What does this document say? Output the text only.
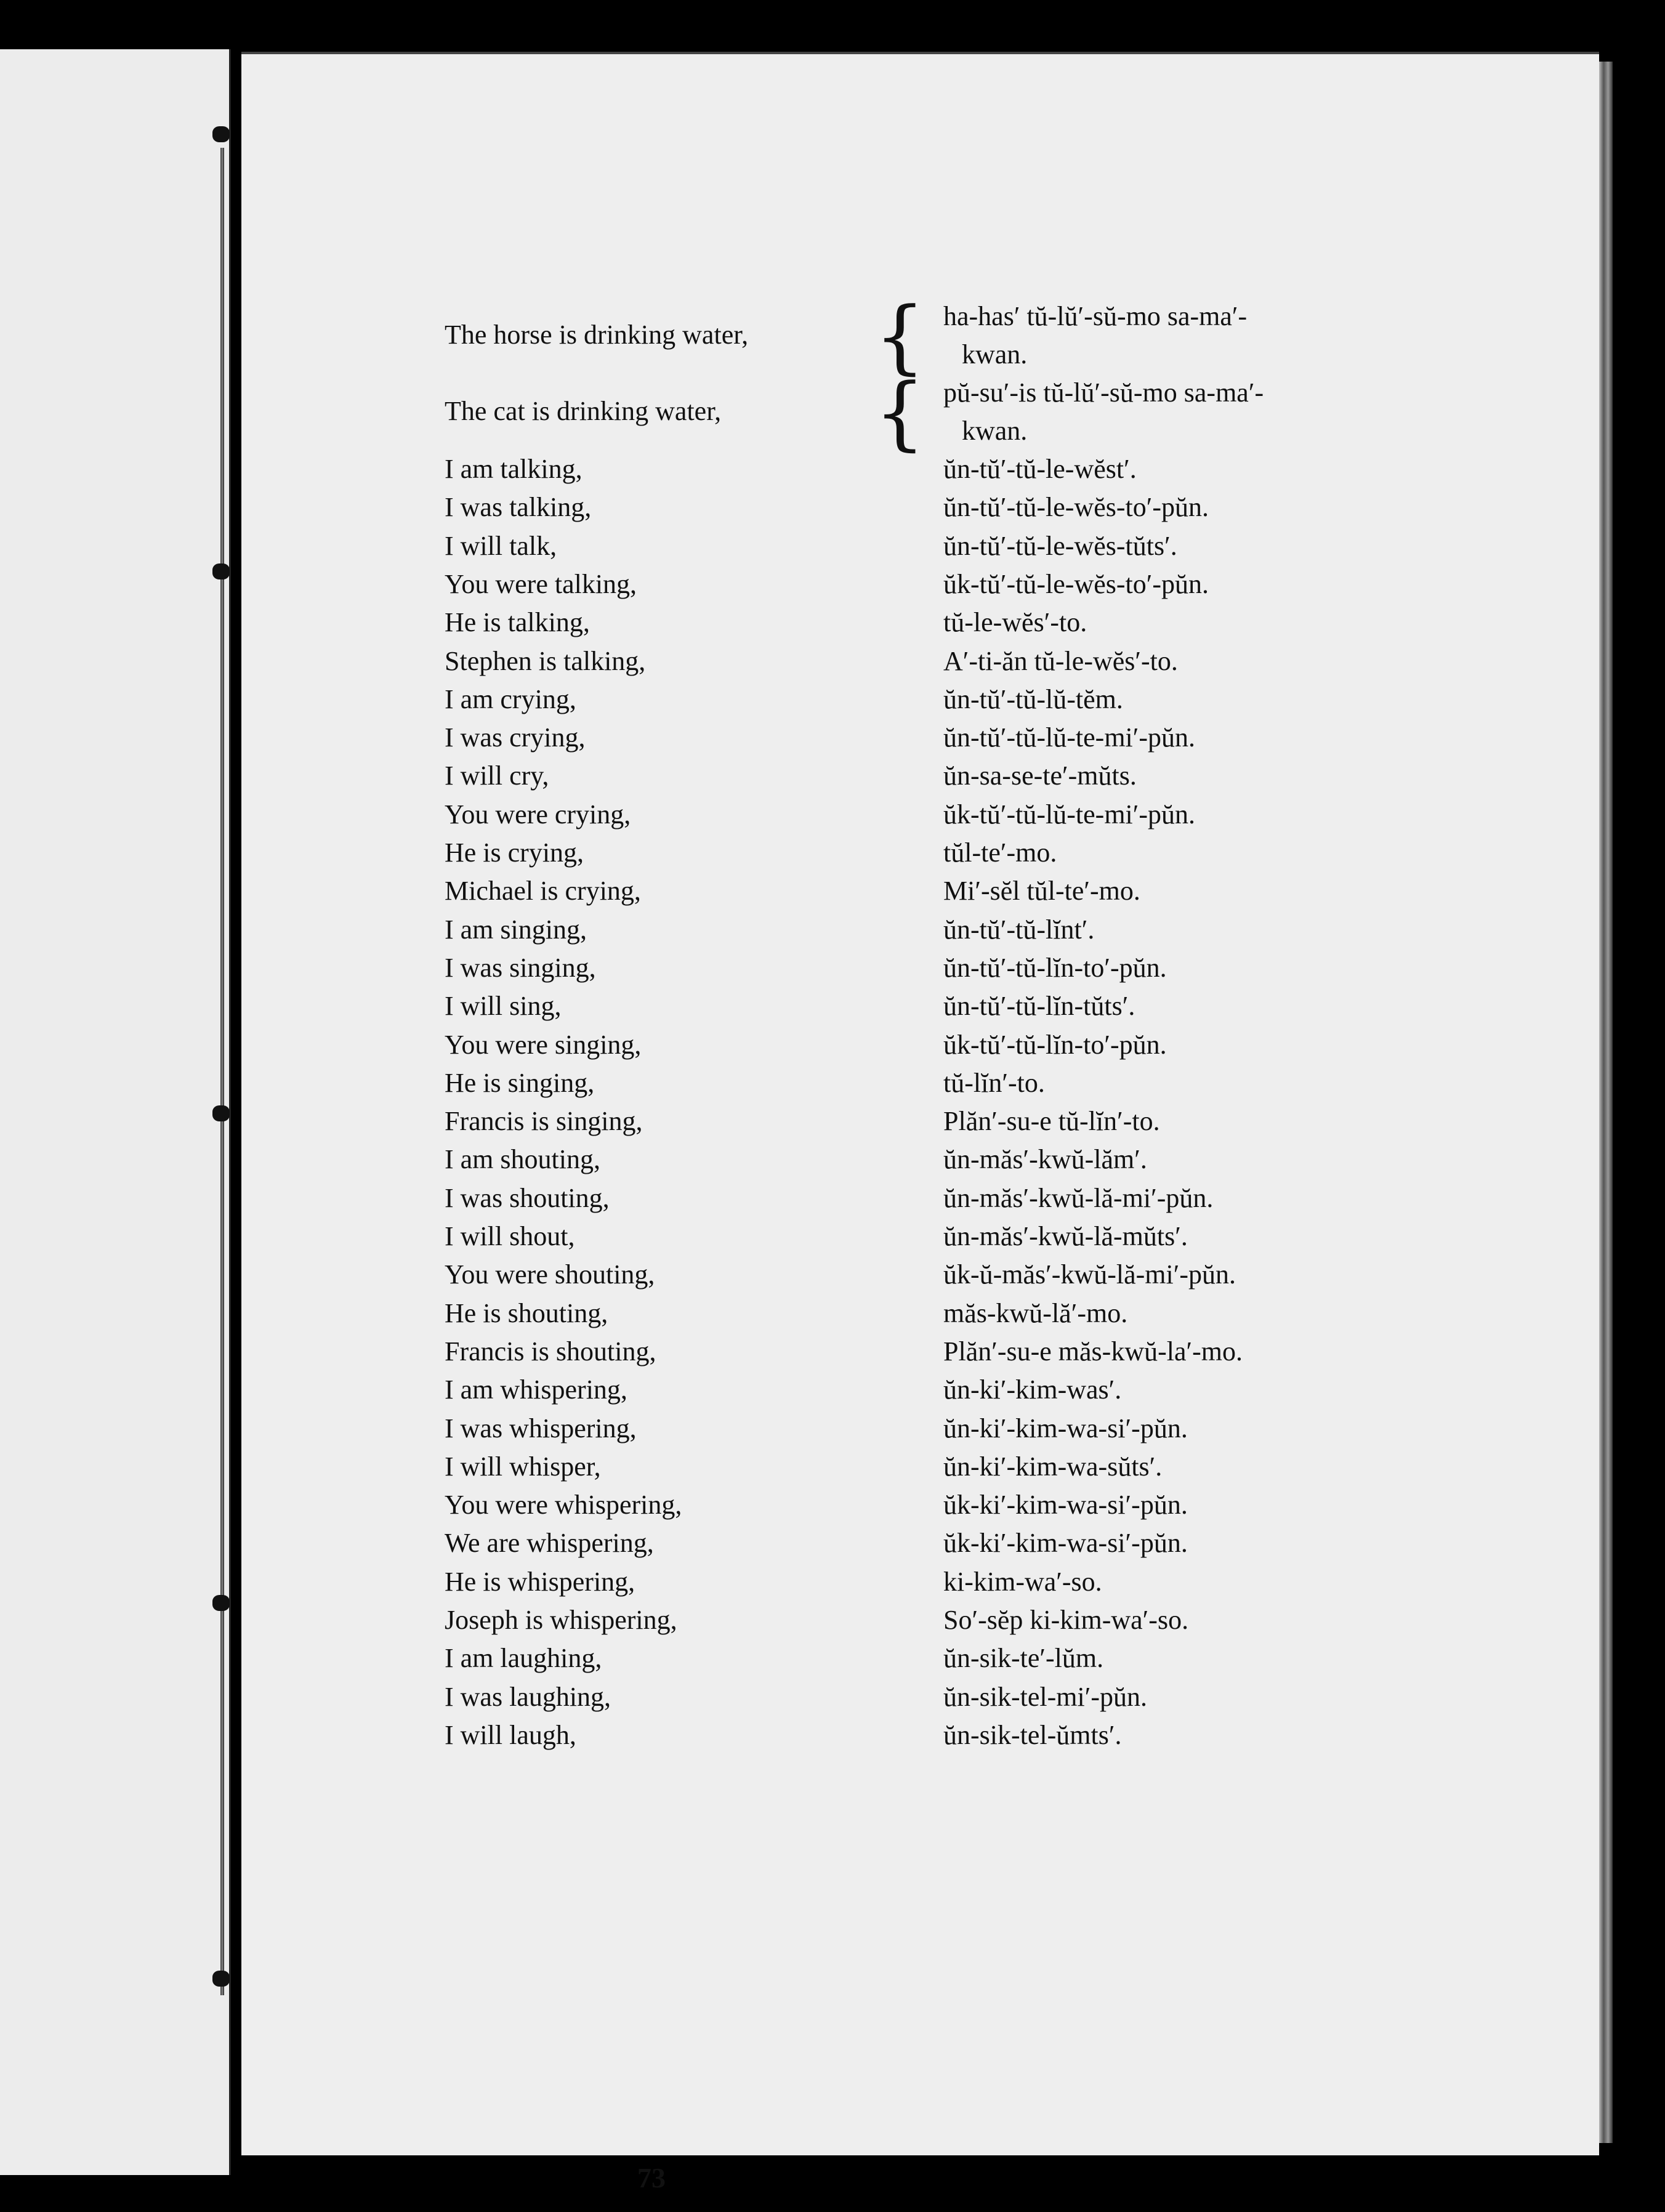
The horse is drinking water, { ha-has′ tŭ-lŭ′-sŭ-mo sa-ma′-
kwan.
The cat is drinking water, { pŭ-su′-is tŭ-lŭ′-sŭ-mo sa-ma′-
kwan.
I am talking,	ŭn-tŭ′-tŭ-le-wĕst′.
I was talking,	ŭn-tŭ′-tŭ-le-wĕs-to′-pŭn.
I will talk,	ŭn-tŭ′-tŭ-le-wĕs-tŭts′.
You were talking,	ŭk-tŭ′-tŭ-le-wĕs-to′-pŭn.
He is talking,	tŭ-le-wĕs′-to.
Stephen is talking,	A′-ti-ăn tŭ-le-wĕs′-to.
I am crying,	ŭn-tŭ′-tŭ-lŭ-tĕm.
I was crying,	ŭn-tŭ′-tŭ-lŭ-te-mi′-pŭn.
I will cry,	ŭn-sa-se-te′-mŭts.
You were crying,	ŭk-tŭ′-tŭ-lŭ-te-mi′-pŭn.
He is crying,	tŭl-te′-mo.
Michael is crying,	Mi′-sĕl tŭl-te′-mo.
I am singing,	ŭn-tŭ′-tŭ-lĭnt′.
I was singing,	ŭn-tŭ′-tŭ-lĭn-to′-pŭn.
I will sing,	ŭn-tŭ′-tŭ-lĭn-tŭts′.
You were singing,	ŭk-tŭ′-tŭ-lĭn-to′-pŭn.
He is singing,	tŭ-lĭn′-to.
Francis is singing,	Plăn′-su-e tŭ-lĭn′-to.
I am shouting,	ŭn-măs′-kwŭ-lăm′.
I was shouting,	ŭn-măs′-kwŭ-lă-mi′-pŭn.
I will shout,	ŭn-măs′-kwŭ-lă-mŭts′.
You were shouting,	ŭk-ŭ-măs′-kwŭ-lă-mi′-pŭn.
He is shouting,	măs-kwŭ-lă′-mo.
Francis is shouting,	Plăn′-su-e măs-kwŭ-la′-mo.
I am whispering,	ŭn-ki′-kim-was′.
I was whispering,	ŭn-ki′-kim-wa-si′-pŭn.
I will whisper,	ŭn-ki′-kim-wa-sŭts′.
You were whispering,	ŭk-ki′-kim-wa-si′-pŭn.
We are whispering,	ŭk-ki′-kim-wa-si′-pŭn.
He is whispering,	ki-kim-wa′-so.
Joseph is whispering,	So′-sĕp ki-kim-wa′-so.
I am laughing,	ŭn-sik-te′-lŭm.
I was laughing,	ŭn-sik-tel-mi′-pŭn.
I will laugh,	ŭn-sik-tel-ŭmts′.
73
